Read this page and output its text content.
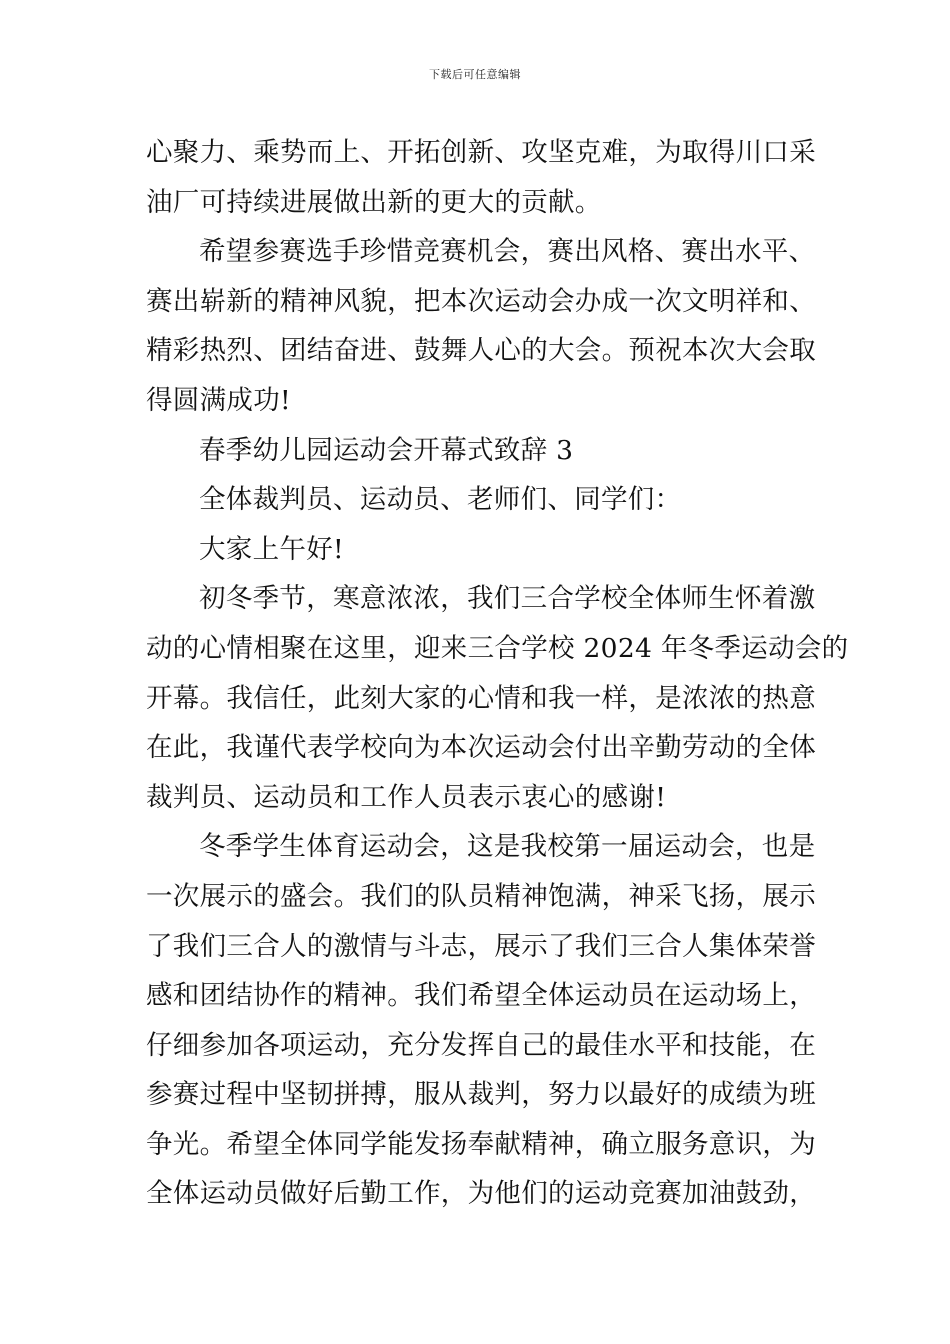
下载后可任意编辑
心聚力、乘势而上、开拓创新、攻坚克难，为取得川口采
油厂可持续进展做出新的更大的贡献。
希望参赛选手珍惜竞赛机会，赛出风格、赛出水平、
赛出崭新的精神风貌，把本次运动会办成一次文明祥和、
精彩热烈、团结奋进、鼓舞人心的大会。预祝本次大会取
得圆满成功!
春季幼儿园运动会开幕式致辞 3
全体裁判员、运动员、老师们、同学们：
大家上午好!
初冬季节，寒意浓浓，我们三合学校全体师生怀着激
动的心情相聚在这里，迎来三合学校 2024 年冬季运动会的
开幕。我信任，此刻大家的心情和我一样，是浓浓的热意
在此，我谨代表学校向为本次运动会付出辛勤劳动的全体
裁判员、运动员和工作人员表示衷心的感谢!
冬季学生体育运动会，这是我校第一届运动会，也是
一次展示的盛会。我们的队员精神饱满，神采飞扬，展示
了我们三合人的激情与斗志，展示了我们三合人集体荣誉
感和团结协作的精神。我们希望全体运动员在运动场上，
仔细参加各项运动，充分发挥自己的最佳水平和技能，在
参赛过程中坚韧拼搏，服从裁判，努力以最好的成绩为班
争光。希望全体同学能发扬奉献精神，确立服务意识，为
全体运动员做好后勤工作，为他们的运动竞赛加油鼓劲，
